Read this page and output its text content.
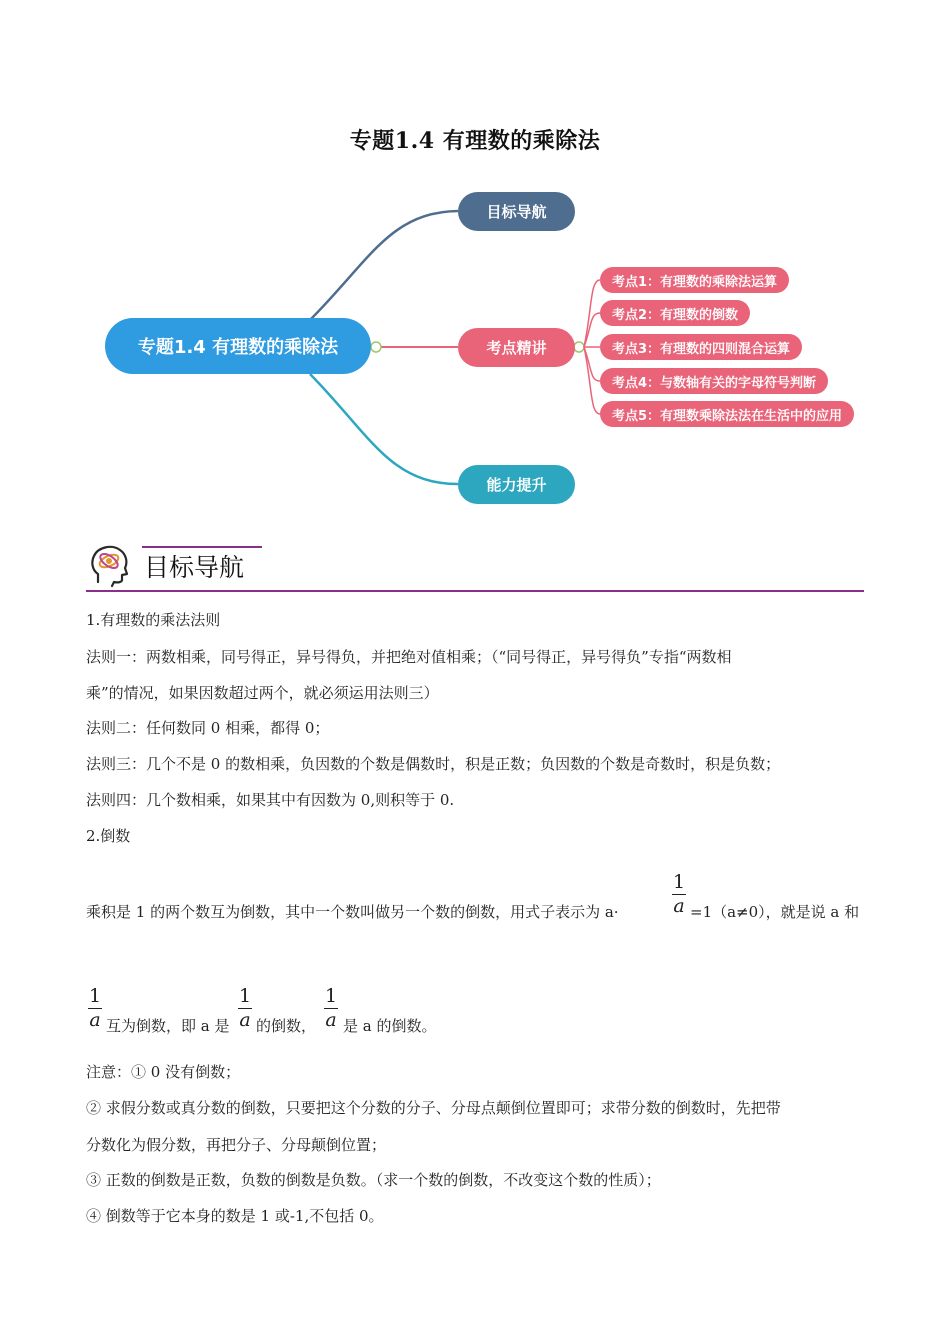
专题1.4 有理数的乘除法
专题1.4 有理数的乘除法
目标导航
考点精讲
能力提升
考点1：有理数的乘除法运算
考点2：有理数的倒数
考点3：有理数的四则混合运算
考点4：与数轴有关的字母符号判断
考点5：有理数乘除法法在生活中的应用
目标导航
1.有理数的乘法法则
法则一：两数相乘，同号得正，异号得负，并把绝对值相乘；（“同号得正，异号得负”专指“两数相
乘”的情况，如果因数超过两个，就必须运用法则三）
法则二：任何数同 0 相乘，都得 0；
法则三：几个不是 0 的数相乘，负因数的个数是偶数时，积是正数；负因数的个数是奇数时，积是负数；
法则四：几个数相乘，如果其中有因数为 0,则积等于 0.
2.倒数
乘积是 1 的两个数互为倒数，其中一个数叫做另一个数的倒数，用式子表示为 a·
1
a =1（a≠0），就是说 a 和
1
a 互为倒数，即 a 是
1
a 的倒数，
1
a 是 a 的倒数。
注意：① 0 没有倒数；
② 求假分数或真分数的倒数，只要把这个分数的分子、分母点颠倒位置即可；求带分数的倒数时，先把带
分数化为假分数，再把分子、分母颠倒位置；
③ 正数的倒数是正数，负数的倒数是负数。（求一个数的倒数，不改变这个数的性质）；
④ 倒数等于它本身的数是 1 或-1,不包括 0。
